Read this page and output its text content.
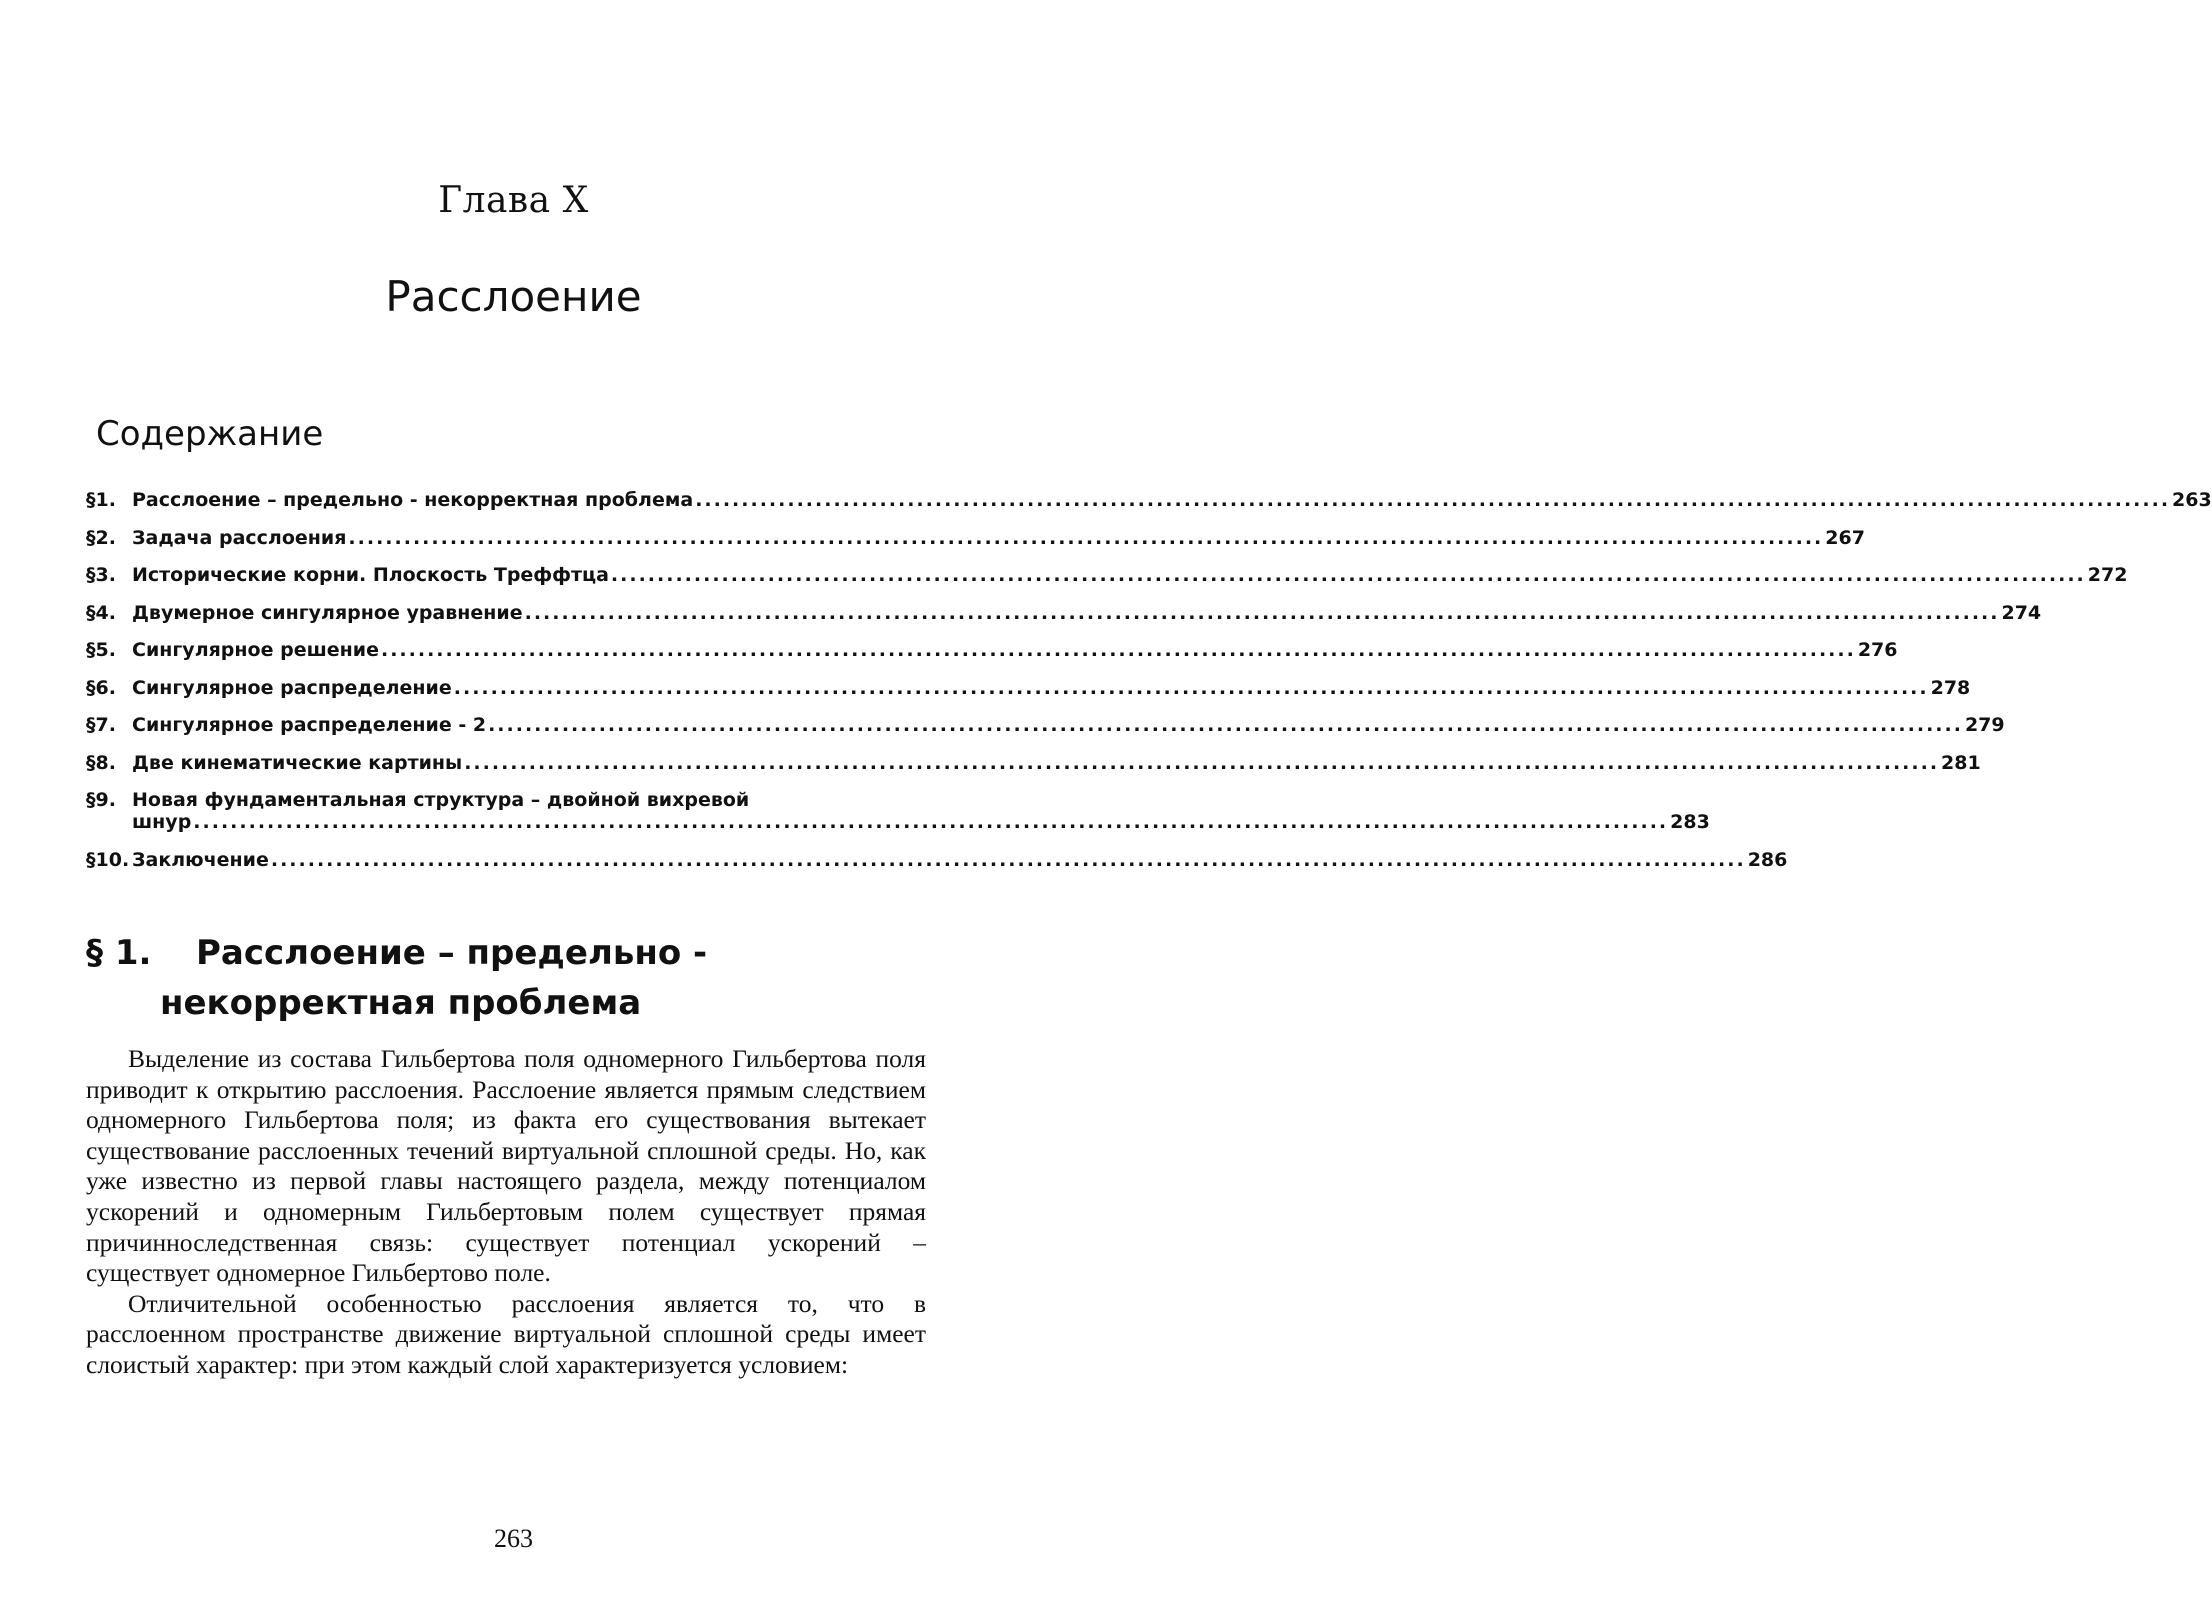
Глава X
Расслоение
Содержание
§1. Расслоение – предельно - некорректная проблема .....	263
§2. Задача расслоения .....	267
§3. Исторические корни. Плоскость Треффтца .....	272
§4. Двумерное сингулярное уравнение .....	274
§5. Сингулярное решение .....	276
§6. Сингулярное распределение .....	278
§7. Сингулярное распределение - 2 .....	279
§8. Две кинематические картины .....	281
§9. Новая фундаментальная структура – двойной вихревой
шнур .....	283
§10. Заключение .....	286
§ 1. Расслоение – предельно -
некорректная проблема

Выделение из состава Гильбертова поля одномерного Гильбертова поля приводит к открытию расслоения. Расслоение является прямым следствием одномерного Гильбертова поля; из факта его существования вытекает существование расслоенных течений виртуальной сплошной среды. Но, как уже известно из первой главы настоящего раздела, между потенциалом ускорений и одномерным Гильбертовым полем существует прямая причинноследственная связь: существует потенциал ускорений – существует одномерное Гильбертово поле.

Отличительной особенностью расслоения является то, что в расслоенном пространстве движение виртуальной сплошной среды имеет слоистый характер: при этом каждый слой характеризуется условием:

263
